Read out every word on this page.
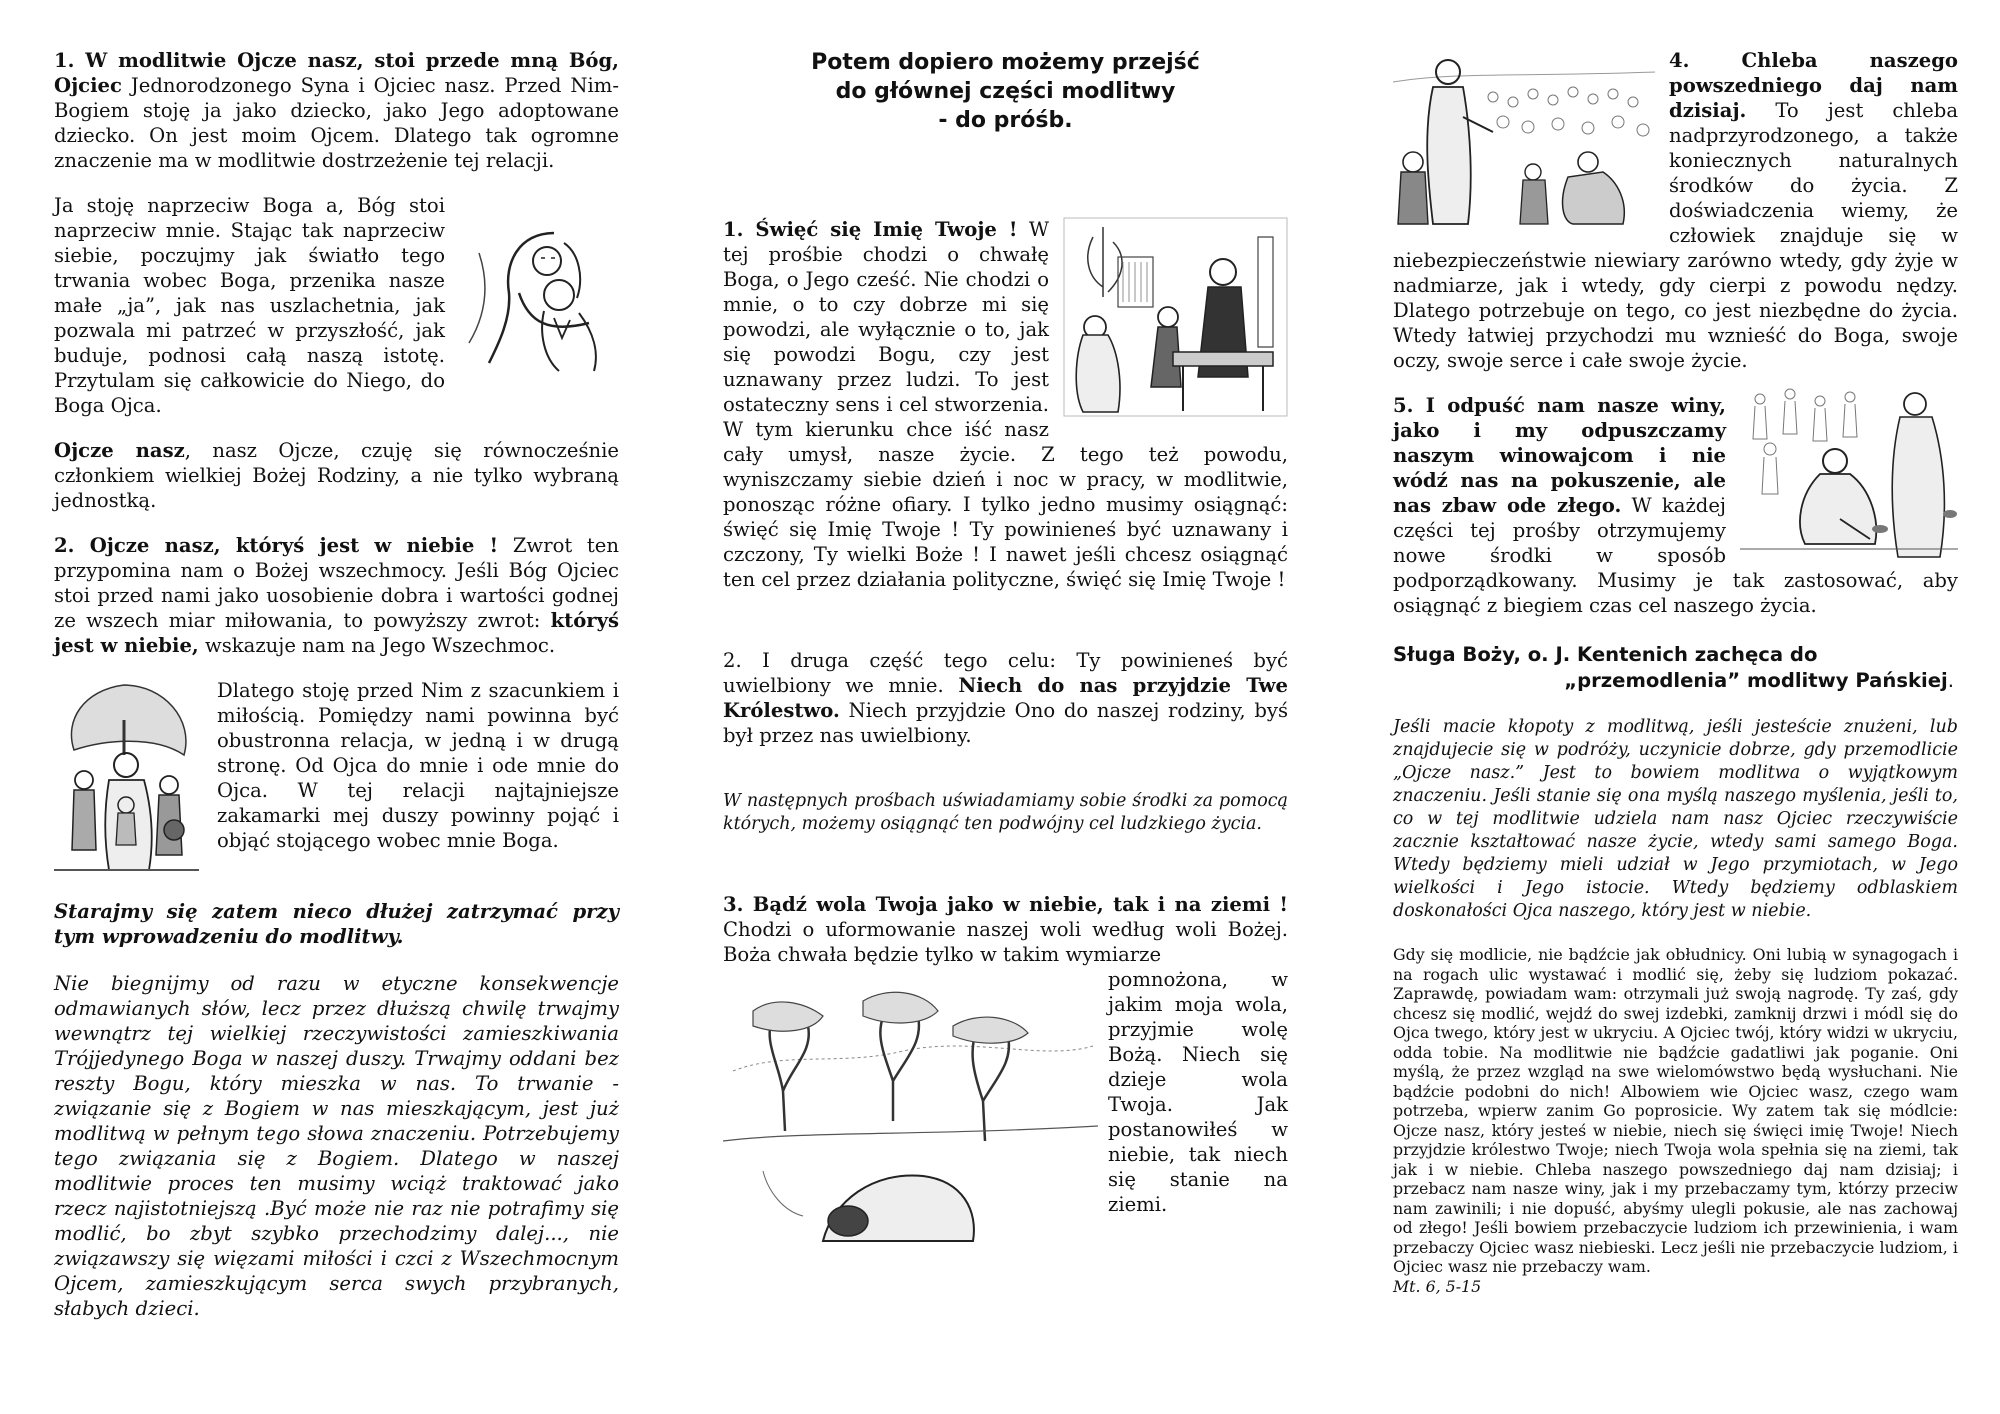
1. W modlitwie Ojcze nasz, stoi przede mną Bóg, Ojciec Jednorodzonego Syna i Ojciec nasz. Przed Nim-Bogiem stoję ja jako dziecko, jako Jego adoptowane dziecko. On jest moim Ojcem. Dlatego tak ogromne znaczenie ma w modlitwie dostrzeżenie tej relacji.

Ja stoję naprzeciw Boga a, Bóg stoi naprzeciw mnie. Stając tak naprzeciw siebie, poczujmy jak światło tego trwania wobec Boga, przenika nasze małe „ja”, jak nas uszlachetnia, jak pozwala mi patrzeć w przyszłość, jak buduje, podnosi całą naszą istotę. Przytulam się całkowicie do Niego, do Boga Ojca.

Ojcze nasz, nasz Ojcze, czuję się równocześnie członkiem wielkiej Bożej Rodziny, a nie tylko wybraną jednostką.

2. Ojcze nasz, któryś jest w niebie ! Zwrot ten przypomina nam o Bożej wszechmocy. Jeśli Bóg Ojciec stoi przed nami jako uosobienie dobra i wartości godnej ze wszech miar miłowania, to powyższy zwrot: któryś jest w niebie, wskazuje nam na Jego Wszechmoc.

Dlatego stoję przed Nim z szacunkiem i miłością. Pomiędzy nami powinna być obustronna relacja, w jedną i w drugą stronę. Od Ojca do mnie i ode mnie do Ojca. W tej relacji najtajniejsze zakamarki mej duszy powinny pojąć i objąć stojącego wobec mnie Boga.

Starajmy się zatem nieco dłużej zatrzymać przy tym wprowadzeniu do modlitwy.

Nie biegnijmy od razu w etyczne konsekwencje odmawianych słów, lecz przez dłuższą chwilę trwajmy wewnątrz tej wielkiej rzeczywistości zamieszkiwania Trójjedynego Boga w naszej duszy. Trwajmy oddani bez reszty Bogu, który mieszka w nas. To trwanie - związanie się z Bogiem w nas mieszkającym, jest już modlitwą w pełnym tego słowa znaczeniu. Potrzebujemy tego związania się z Bogiem. Dlatego w naszej modlitwie proces ten musimy wciąż traktować jako rzecz najistotniejszą .Być może nie raz nie potrafimy się modlić, bo zbyt szybko przechodzimy dalej..., nie związawszy się więzami miłości i czci z Wszechmocnym Ojcem, zamieszkującym serca swych przybranych, słabych dzieci.

Potem dopiero możemy przejść
do głównej części modlitwy
- do próśb.

1. Święć się Imię Twoje ! W tej prośbie chodzi o chwałę Boga, o Jego cześć. Nie chodzi o mnie, o to czy dobrze mi się powodzi, ale wyłącznie o to, jak się powodzi Bogu, czy jest uznawany przez ludzi. To jest ostateczny sens i cel stworzenia. W tym kierunku chce iść nasz cały umysł, nasze życie. Z tego też powodu, wyniszczamy siebie dzień i noc w pracy, w modlitwie, ponosząc różne ofiary. I tylko jedno musimy osiągnąć: święć się Imię Twoje ! Ty powinieneś być uznawany i czczony, Ty wielki Boże ! I nawet jeśli chcesz osiągnąć ten cel przez działania polityczne, święć się Imię Twoje !

2. I druga część tego celu: Ty powinieneś być uwielbiony we mnie. Niech do nas przyjdzie Twe Królestwo. Niech przyjdzie Ono do naszej rodziny, byś był przez nas uwielbiony.

W następnych prośbach uświadamiamy sobie środki za pomocą których, możemy osiągnąć ten podwójny cel ludzkiego życia.

3. Bądź wola Twoja jako w niebie, tak i na ziemi ! Chodzi o uformowanie naszej woli według woli Bożej. Boża chwała będzie tylko w takim wymiarze

pomnożona, w jakim moja wola, przyjmie wolę Bożą. Niech się dzieje wola Twoja. Jak postanowiłeś w niebie, tak niech się stanie na ziemi.

4. Chleba naszego powszedniego daj nam dzisiaj. To jest chleba nadprzyrodzonego, a także koniecznych naturalnych środków do życia. Z doświadczenia wiemy, że człowiek znajduje się w niebezpieczeństwie niewiary zarówno wtedy, gdy żyje w nadmiarze, jak i wtedy, gdy cierpi z powodu nędzy. Dlatego potrzebuje on tego, co jest niezbędne do życia. Wtedy łatwiej przychodzi mu wznieść do Boga, swoje oczy, swoje serce i całe swoje życie.

5. I odpuść nam nasze winy, jako i my odpuszczamy naszym winowajcom i nie wódź nas na pokuszenie, ale nas zbaw ode złego. W każdej części tej prośby otrzymujemy nowe środki w sposób podporządkowany. Musimy je tak zastosować, aby osiągnąć z biegiem czas cel naszego życia.

Sługa Boży, o. J. Kentenich zachęca do
„przemodlenia” modlitwy Pańskiej.

Jeśli macie kłopoty z modlitwą, jeśli jesteście znużeni, lub znajdujecie się w podróży, uczynicie dobrze, gdy przemodlicie „Ojcze nasz.” Jest to bowiem modlitwa o wyjątkowym znaczeniu. Jeśli stanie się ona myślą naszego myślenia, jeśli to, co w tej modlitwie udziela nam nasz Ojciec rzeczywiście zacznie kształtować nasze życie, wtedy sami samego Boga. Wtedy będziemy mieli udział w Jego przymiotach, w Jego wielkości i Jego istocie. Wtedy będziemy odblaskiem doskonałości Ojca naszego, który jest w niebie.

Gdy się modlicie, nie bądźcie jak obłudnicy. Oni lubią w synagogach i na rogach ulic wystawać i modlić się, żeby się ludziom pokazać. Zaprawdę, powiadam wam: otrzymali już swoją nagrodę. Ty zaś, gdy chcesz się modlić, wejdź do swej izdebki, zamknij drzwi i módl się do Ojca twego, który jest w ukryciu. A Ojciec twój, który widzi w ukryciu, odda tobie. Na modlitwie nie bądźcie gadatliwi jak poganie. Oni myślą, że przez wzgląd na swe wielomówstwo będą wysłuchani. Nie bądźcie podobni do nich! Albowiem wie Ojciec wasz, czego wam potrzeba, wpierw zanim Go poprosicie. Wy zatem tak się módlcie: Ojcze nasz, który jesteś w niebie, niech się święci imię Twoje! Niech przyjdzie królestwo Twoje; niech Twoja wola spełnia się na ziemi, tak jak i w niebie. Chleba naszego powszedniego daj nam dzisiaj; i przebacz nam nasze winy, jak i my przebaczamy tym, którzy przeciw nam zawinili; i nie dopuść, abyśmy ulegli pokusie, ale nas zachowaj od złego! Jeśli bowiem przebaczycie ludziom ich przewinienia, i wam przebaczy Ojciec wasz niebieski. Lecz jeśli nie przebaczycie ludziom, i Ojciec wasz nie przebaczy wam.

Mt. 6, 5-15
